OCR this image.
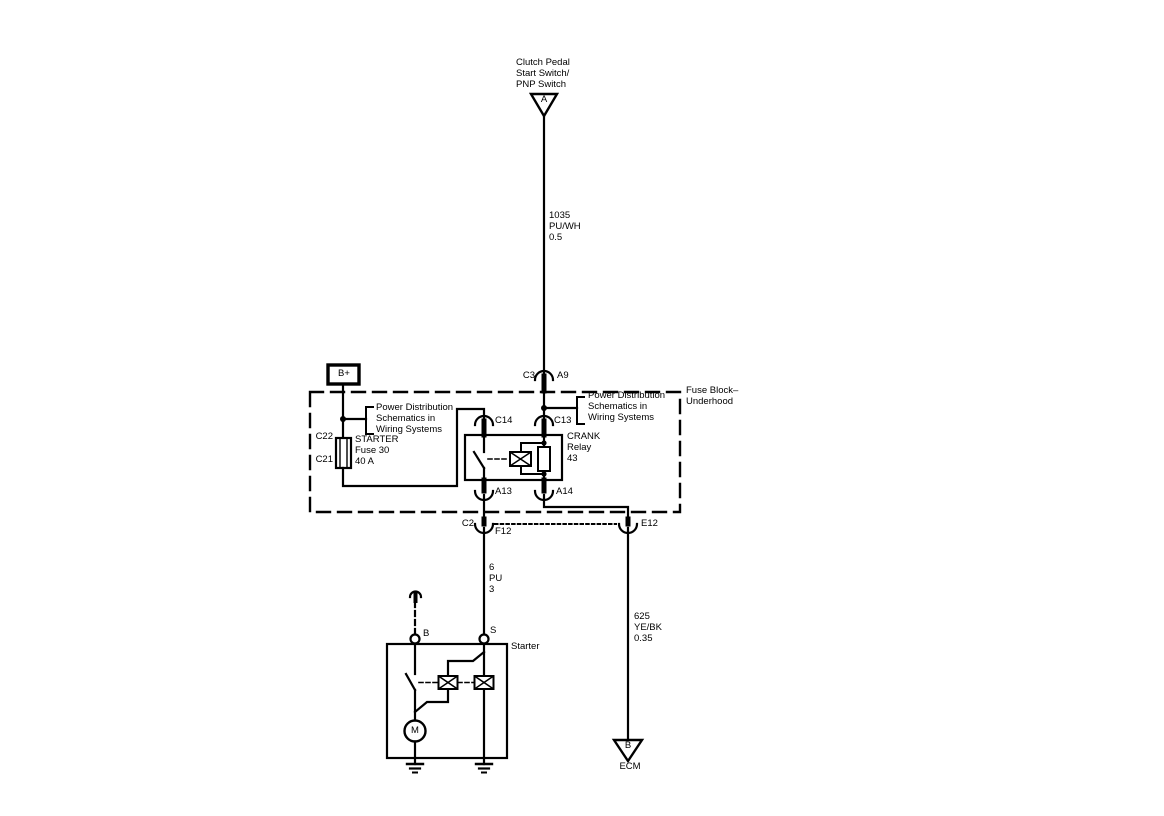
Clutch Pedal
Start Switch/
PNP Switch
A
1035
PU/WH
0.5
C3 A9
Fuse Block–
Underhood
B+
Power Distribution
Schematics in
Wiring Systems
Power Distribution
Schematics in
Wiring Systems
C22
C21
STARTER
Fuse 30
40 A
C14	C13
CRANK
Relay
43
A13	A14
C2
F12
E12
6
PU
3
625
YE/BK
0.35
B	S
Starter
M
B
ECM
